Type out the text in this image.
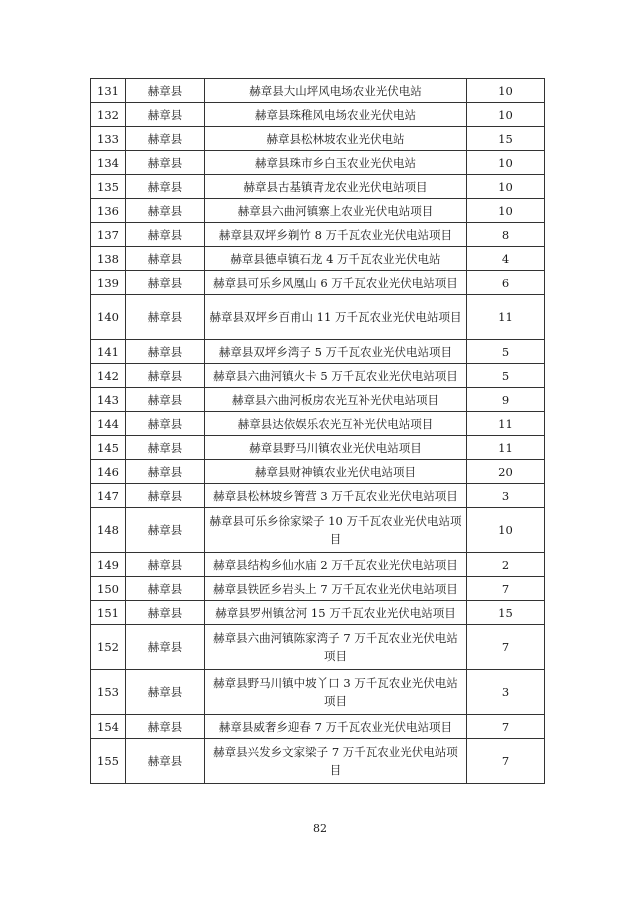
131	赫章县	赫章县大山坪风电场农业光伏电站	10
132	赫章县	赫章县珠稚风电场农业光伏电站	10
133	赫章县	赫章县松林坡农业光伏电站	15
134	赫章县	赫章县珠市乡白玉农业光伏电站	10
135	赫章县	赫章县古基镇青龙农业光伏电站项目	10
136	赫章县	赫章县六曲河镇寨上农业光伏电站项目	10
137	赫章县	赫章县双坪乡剃竹 8 万千瓦农业光伏电站项目	8
138	赫章县	赫章县德卓镇石龙 4 万千瓦农业光伏电站	4
139	赫章县	赫章县可乐乡风凰山 6 万千瓦农业光伏电站项目	6
140	赫章县	赫章县双坪乡百甫山 11 万千瓦农业光伏电站项目	11
141	赫章县	赫章县双坪乡湾子 5 万千瓦农业光伏电站项目	5
142	赫章县	赫章县六曲河镇火卡 5 万千瓦农业光伏电站项目	5
143	赫章县	赫章县六曲河板房农光互补光伏电站项目	9
144	赫章县	赫章县达依娱乐农光互补光伏电站项目	11
145	赫章县	赫章县野马川镇农业光伏电站项目	11
146	赫章县	赫章县财神镇农业光伏电站项目	20
147	赫章县	赫章县松林坡乡箐营 3 万千瓦农业光伏电站项目	3
148	赫章县	赫章县可乐乡徐家梁子 10 万千瓦农业光伏电站项目	10
149	赫章县	赫章县结构乡仙水庙 2 万千瓦农业光伏电站项目	2
150	赫章县	赫章县铁匠乡岩头上 7 万千瓦农业光伏电站项目	7
151	赫章县	赫章县罗州镇岔河 15 万千瓦农业光伏电站项目	15
152	赫章县	赫章县六曲河镇陈家湾子 7 万千瓦农业光伏电站项目	7
153	赫章县	赫章县野马川镇中坡丫口 3 万千瓦农业光伏电站项目	3
154	赫章县	赫章县威奢乡迎春 7 万千瓦农业光伏电站项目	7
155	赫章县	赫章县兴发乡文家梁子 7 万千瓦农业光伏电站项目	7
82
